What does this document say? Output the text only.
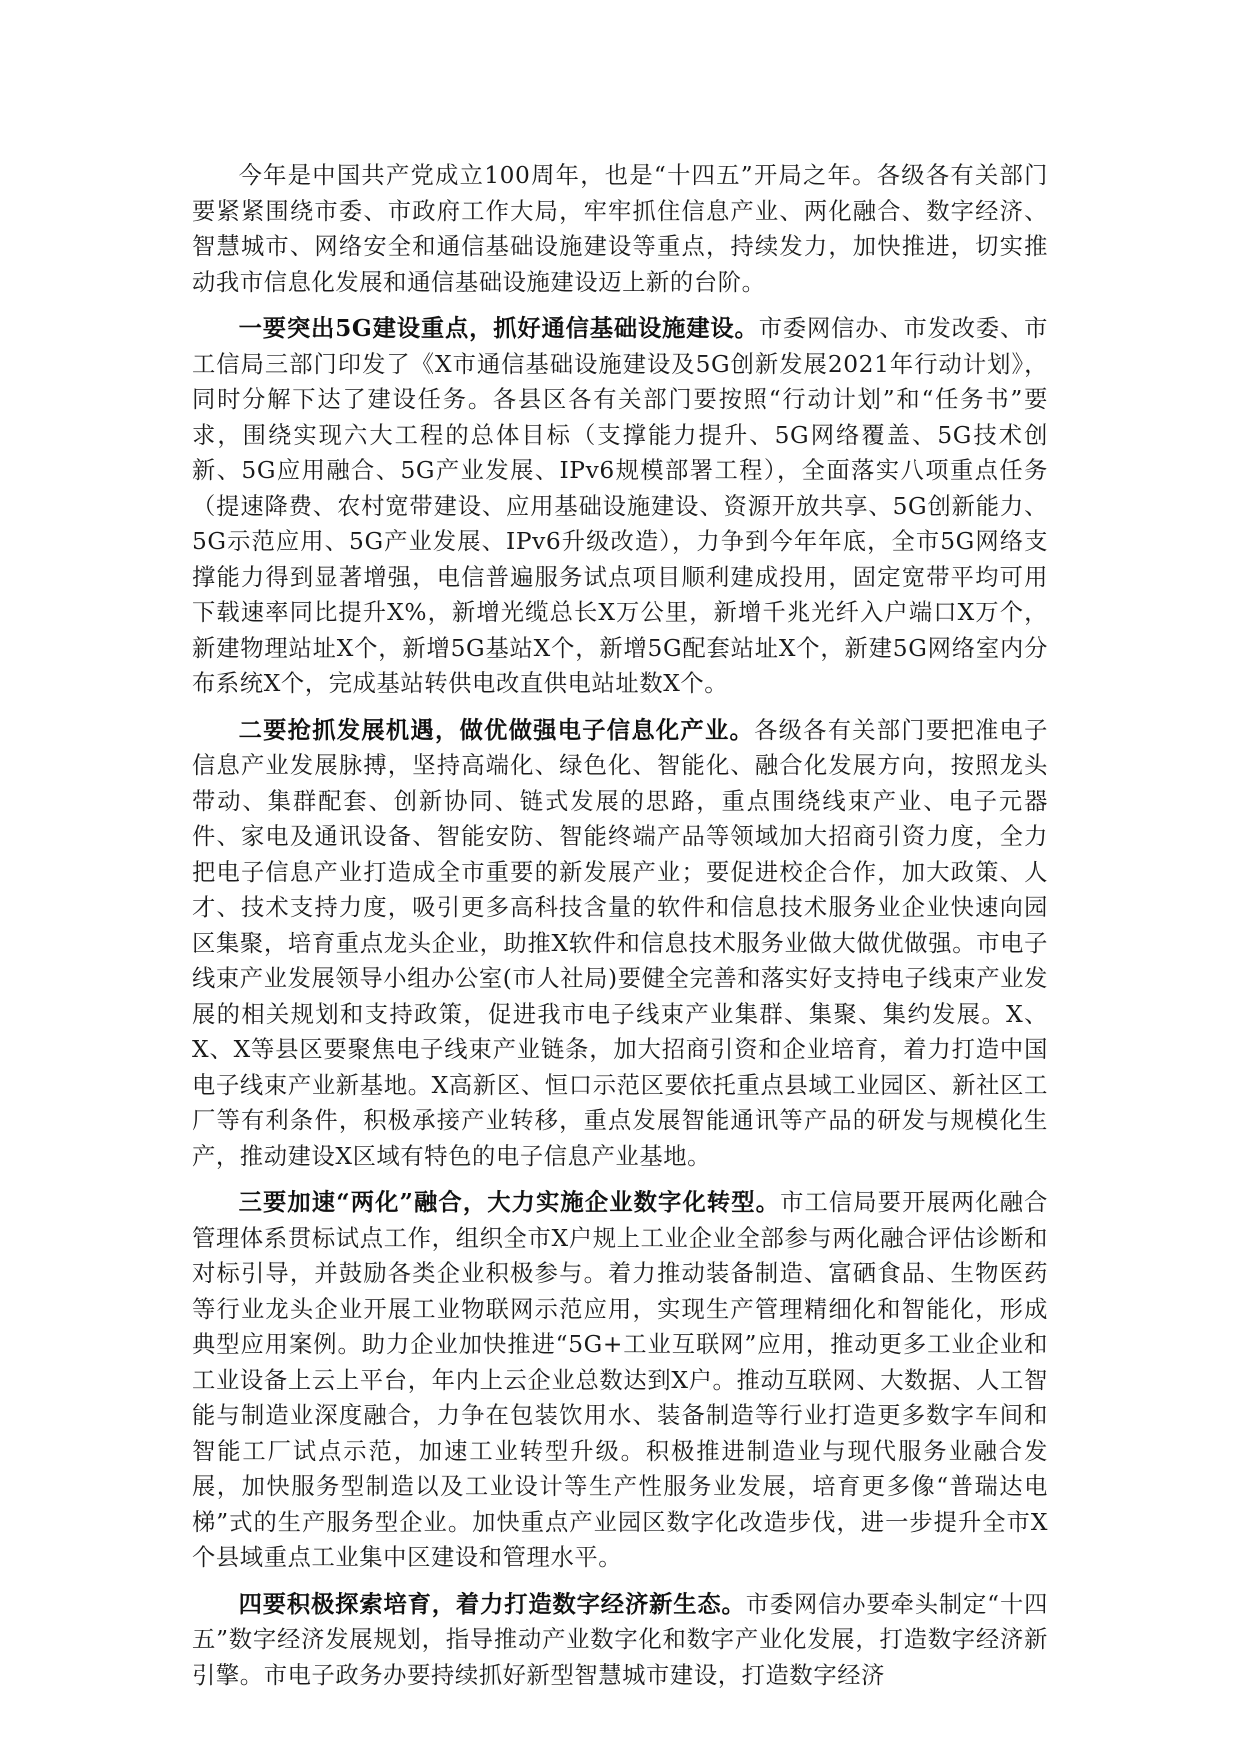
今年是中国共产党成立100周年，也是“十四五”开局之年。各级各有关部门要紧紧围绕市委、市政府工作大局，牢牢抓住信息产业、两化融合、数字经济、智慧城市、网络安全和通信基础设施建设等重点，持续发力，加快推进，切实推动我市信息化发展和通信基础设施建设迈上新的台阶。

一要突出5G建设重点，抓好通信基础设施建设。市委网信办、市发改委、市工信局三部门印发了《X市通信基础设施建设及5G创新发展2021年行动计划》，同时分解下达了建设任务。各县区各有关部门要按照“行动计划”和“任务书”要求，围绕实现六大工程的总体目标（支撑能力提升、5G网络覆盖、5G技术创新、5G应用融合、5G产业发展、IPv6规模部署工程），全面落实八项重点任务（提速降费、农村宽带建设、应用基础设施建设、资源开放共享、5G创新能力、5G示范应用、5G产业发展、IPv6升级改造），力争到今年年底，全市5G网络支撑能力得到显著增强，电信普遍服务试点项目顺利建成投用，固定宽带平均可用下载速率同比提升X%，新增光缆总长X万公里，新增千兆光纤入户端口X万个，新建物理站址X个，新增5G基站X个，新增5G配套站址X个，新建5G网络室内分布系统X个，完成基站转供电改直供电站址数X个。

二要抢抓发展机遇，做优做强电子信息化产业。各级各有关部门要把准电子信息产业发展脉搏，坚持高端化、绿色化、智能化、融合化发展方向，按照龙头带动、集群配套、创新协同、链式发展的思路，重点围绕线束产业、电子元器件、家电及通讯设备、智能安防、智能终端产品等领域加大招商引资力度，全力把电子信息产业打造成全市重要的新发展产业；要促进校企合作，加大政策、人才、技术支持力度，吸引更多高科技含量的软件和信息技术服务业企业快速向园区集聚，培育重点龙头企业，助推X软件和信息技术服务业做大做优做强。市电子线束产业发展领导小组办公室(市人社局)要健全完善和落实好支持电子线束产业发展的相关规划和支持政策，促进我市电子线束产业集群、集聚、集约发展。X、X、X等县区要聚焦电子线束产业链条，加大招商引资和企业培育，着力打造中国电子线束产业新基地。X高新区、恒口示范区要依托重点县域工业园区、新社区工厂等有利条件，积极承接产业转移，重点发展智能通讯等产品的研发与规模化生产，推动建设X区域有特色的电子信息产业基地。

三要加速“两化”融合，大力实施企业数字化转型。市工信局要开展两化融合管理体系贯标试点工作，组织全市X户规上工业企业全部参与两化融合评估诊断和对标引导，并鼓励各类企业积极参与。着力推动装备制造、富硒食品、生物医药等行业龙头企业开展工业物联网示范应用，实现生产管理精细化和智能化，形成典型应用案例。助力企业加快推进“5G+工业互联网”应用，推动更多工业企业和工业设备上云上平台，年内上云企业总数达到X户。推动互联网、大数据、人工智能与制造业深度融合，力争在包装饮用水、装备制造等行业打造更多数字车间和智能工厂试点示范，加速工业转型升级。积极推进制造业与现代服务业融合发展，加快服务型制造以及工业设计等生产性服务业发展，培育更多像“普瑞达电梯”式的生产服务型企业。加快重点产业园区数字化改造步伐，进一步提升全市X个县域重点工业集中区建设和管理水平。

四要积极探索培育，着力打造数字经济新生态。市委网信办要牵头制定“十四五”数字经济发展规划，指导推动产业数字化和数字产业化发展，打造数字经济新引擎。市电子政务办要持续抓好新型智慧城市建设，打造数字经济
